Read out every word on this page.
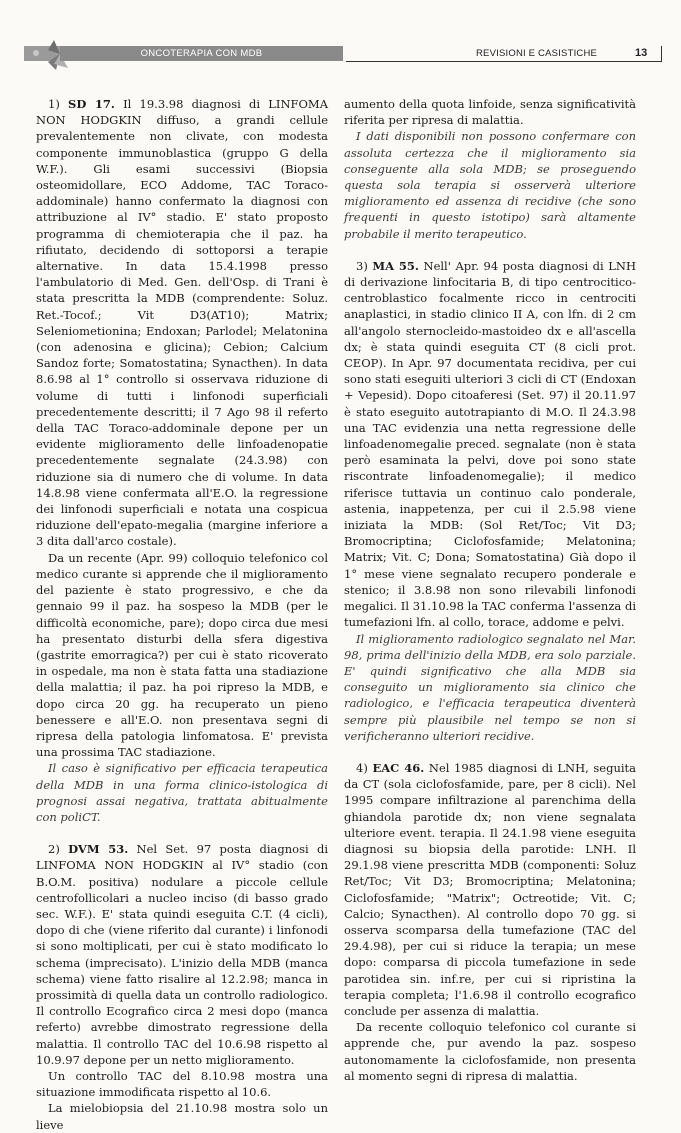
ONCOTERAPIA CON MDB	REVISIONI E CASISTICHE	13

1) SD 17. Il 19.3.98 diagnosi di LINFOMA NON HODGKIN diffuso, a grandi cellule prevalentemente non clivate, con modesta componente immunoblastica (gruppo G della W.F.). Gli esami successivi (Biopsia osteomidollare, ECO Addome, TAC Toraco-addominale) hanno confermato la diagnosi con attribuzione al IV° stadio. E' stato proposto programma di chemioterapia che il paz. ha rifiutato, decidendo di sottoporsi a terapie alternative. In data 15.4.1998 presso l'ambulatorio di Med. Gen. dell'Osp. di Trani è stata prescritta la MDB (comprendente: Soluz. Ret.-Tocof.; Vit D3(AT10); Matrix; Seleniometionina; Endoxan; Parlodel; Melatonina (con adenosina e glicina); Cebion; Calcium Sandoz forte; Somatostatina; Synacthen). In data 8.6.98 al 1° controllo si osservava riduzione di volume di tutti i linfonodi superficiali precedentemente descritti; il 7 Ago 98 il referto della TAC Toraco-addominale depone per un evidente miglioramento delle linfoadenopatie precedentemente segnalate (24.3.98) con riduzione sia di numero che di volume. In data 14.8.98 viene confermata all'E.O. la regressione dei linfonodi superficiali e notata una cospicua riduzione dell'epato-megalia (margine inferiore a 3 dita dall'arco costale).

Da un recente (Apr. 99) colloquio telefonico col medico curante si apprende che il miglioramento del paziente è stato progressivo, e che da gennaio 99 il paz. ha sospeso la MDB (per le difficoltà economiche, pare); dopo circa due mesi ha presentato disturbi della sfera digestiva (gastrite emorragica?) per cui è stato ricoverato in ospedale, ma non è stata fatta una stadiazione della malattia; il paz. ha poi ripreso la MDB, e dopo circa 20 gg. ha recuperato un pieno benessere e all'E.O. non presentava segni di ripresa della patologia linfomatosa. E' prevista una prossima TAC stadiazione.

Il caso è significativo per efficacia terapeutica della MDB in una forma clinico-istologica di prognosi assai negativa, trattata abitualmente con poliCT.

2) DVM 53. Nel Set. 97 posta diagnosi di LINFOMA NON HODGKIN al IV° stadio (con B.O.M. positiva) nodulare a piccole cellule centrofollicolari a nucleo inciso (di basso grado sec. W.F.). E' stata quindi eseguita C.T. (4 cicli), dopo di che (viene riferito dal curante) i linfonodi si sono moltiplicati, per cui è stato modificato lo schema (imprecisato). L'inizio della MDB (manca schema) viene fatto risalire al 12.2.98; manca in prossimità di quella data un controllo radiologico. Il controllo Ecografico circa 2 mesi dopo (manca referto) avrebbe dimostrato regressione della malattia. Il controllo TAC del 10.6.98 rispetto al 10.9.97 depone per un netto miglioramento.

Un controllo TAC del 8.10.98 mostra una situazione immodificata rispetto al 10.6.

La mielobiopsia del 21.10.98 mostra solo un lieve

aumento della quota linfoide, senza significatività riferita per ripresa di malattia.

I dati disponibili non possono confermare con assoluta certezza che il miglioramento sia conseguente alla sola MDB; se proseguendo questa sola terapia si osserverà ulteriore miglioramento ed assenza di recidive (che sono frequenti in questo istotipo) sarà altamente probabile il merito terapeutico.

3) MA 55. Nell' Apr. 94 posta diagnosi di LNH di derivazione linfocitaria B, di tipo centrocitico-centroblastico focalmente ricco in centrociti anaplastici, in stadio clinico II A, con lfn. di 2 cm all'angolo sternocleido-mastoideo dx e all'ascella dx; è stata quindi eseguita CT (8 cicli prot. CEOP). In Apr. 97 documentata recidiva, per cui sono stati eseguiti ulteriori 3 cicli di CT (Endoxan + Vepesid). Dopo citoaferesi (Set. 97) il 20.11.97 è stato eseguito autotrapianto di M.O. Il 24.3.98 una TAC evidenzia una netta regressione delle linfoadenomegalie preced. segnalate (non è stata però esaminata la pelvi, dove poi sono state riscontrate linfoadenomegalie); il medico riferisce tuttavia un continuo calo ponderale, astenia, inappetenza, per cui il 2.5.98 viene iniziata la MDB: (Sol Ret/Toc; Vit D3; Bromocriptina; Ciclofosfamide; Melatonina; Matrix; Vit. C; Dona; Somatostatina) Già dopo il 1° mese viene segnalato recupero ponderale e stenico; il 3.8.98 non sono rilevabili linfonodi megalici. Il 31.10.98 la TAC conferma l'assenza di tumefazioni lfn. al collo, torace, addome e pelvi.

Il miglioramento radiologico segnalato nel Mar. 98, prima dell'inizio della MDB, era solo parziale. E' quindi significativo che alla MDB sia conseguito un miglioramento sia clinico che radiologico, e l'efficacia terapeutica diventerà sempre più plausibile nel tempo se non si verificheranno ulteriori recidive.

4) EAC 46. Nel 1985 diagnosi di LNH, seguita da CT (sola ciclofosfamide, pare, per 8 cicli). Nel 1995 compare infiltrazione al parenchima della ghiandola parotide dx; non viene segnalata ulteriore event. terapia. Il 24.1.98 viene eseguita diagnosi su biopsia della parotide: LNH. Il 29.1.98 viene prescritta MDB (componenti: Soluz Ret/Toc; Vit D3; Bromocriptina; Melatonina; Ciclofosfamide; "Matrix"; Octreotide; Vit. C; Calcio; Synacthen). Al controllo dopo 70 gg. si osserva scomparsa della tumefazione (TAC del 29.4.98), per cui si riduce la terapia; un mese dopo: comparsa di piccola tumefazione in sede parotidea sin. inf.re, per cui si ripristina la terapia completa; l'1.6.98 il controllo ecografico conclude per assenza di malattia.

Da recente colloquio telefonico col curante si apprende che, pur avendo la paz. sospeso autonomamente la ciclofosfamide, non presenta al momento segni di ripresa di malattia.
